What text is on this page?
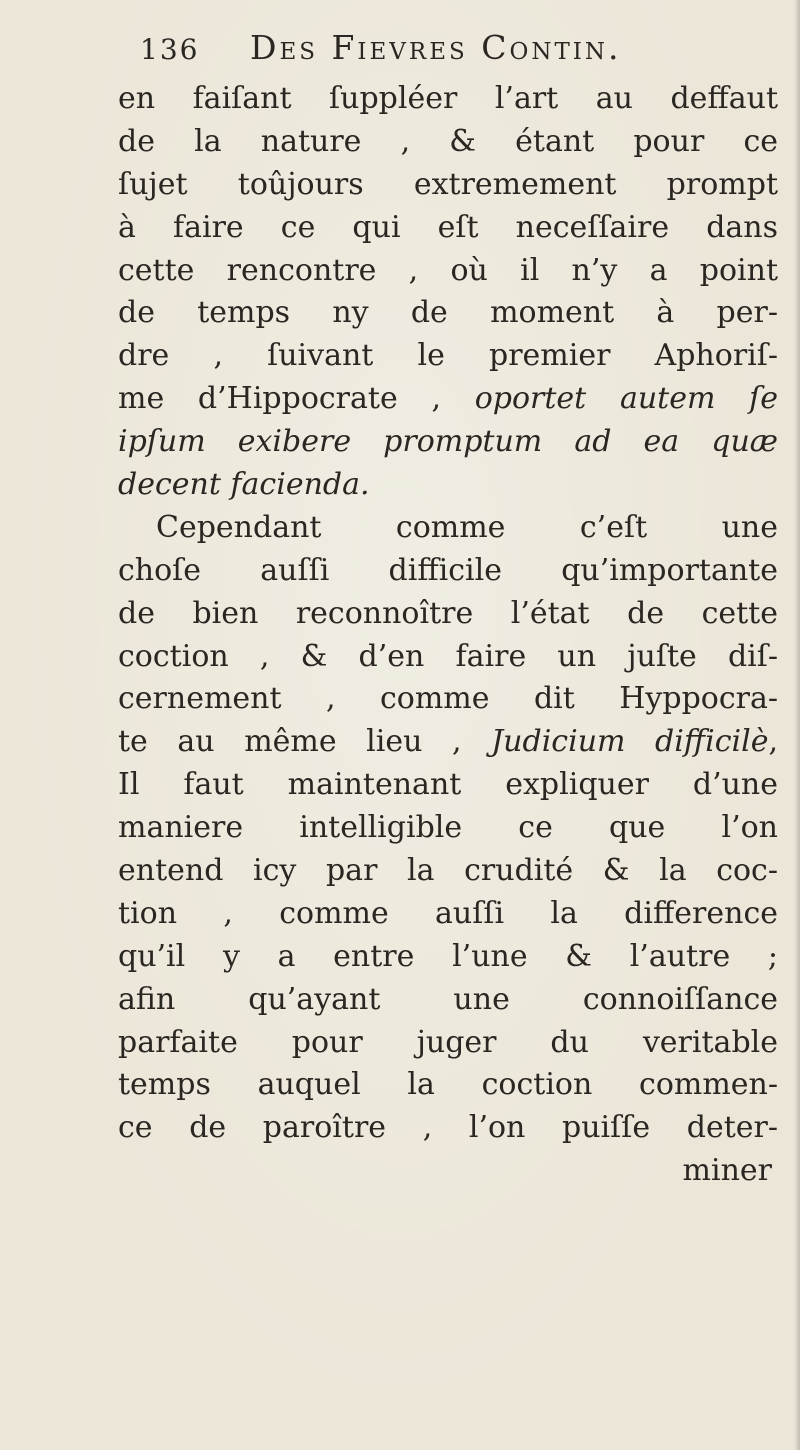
136	Des Fievres Contin.
en faiſant ſuppléer l’art au deffaut
de la nature , & étant pour ce
ſujet toûjours extremement prompt
à faire ce qui eſt neceſſaire dans
cette rencontre , où il n’y a point
de temps ny de moment à per-
dre , ſuivant le premier Aphoriſ-
me d’Hippocrate , oportet autem ſe
ipſum exibere promptum ad ea quæ
decent facienda.
Cependant comme c’eſt une
choſe auſſi difficile qu’importante
de bien reconnoître l’état de cette
coction , & d’en faire un juſte diſ-
cernement , comme dit Hyppocra-
te au même lieu , Judicium difficilè,
Il faut maintenant expliquer d’une
maniere intelligible ce que l’on
entend icy par la crudité & la coc-
tion , comme auſſi la difference
qu’il y a entre l’une & l’autre ;
afin qu’ayant une connoiſſance
parfaite pour juger du veritable
temps auquel la coction commen-
ce de paroître , l’on puiſſe deter-
miner
